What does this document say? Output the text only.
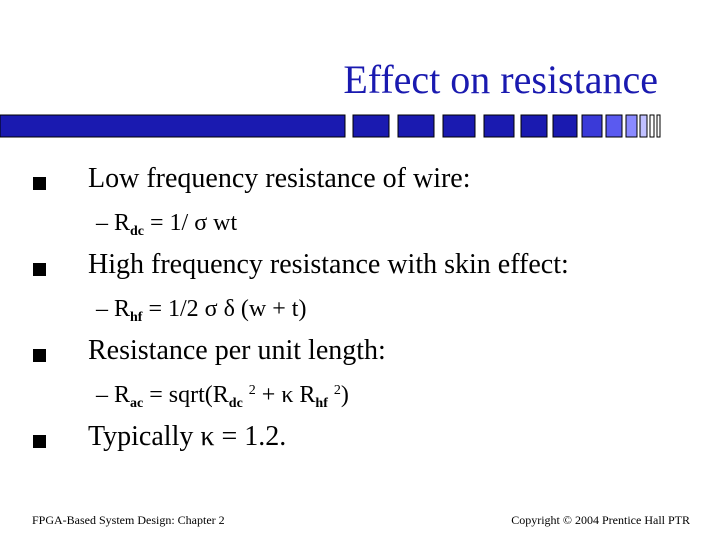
Effect on resistance
Low frequency resistance of wire:
– $R_{dc} = 1/$ σ wt
High frequency resistance with skin effect:
– $R_{hf} = 1/2$ σ δ (w + t)
Resistance per unit length:
– $R_{ac}$ = $sqrt(R_{dc}$ $^2$ + κ $R_{hf}$ $^2$)
Typically κ = 1.2.
FPGA-Based System Design: Chapter 2	Copyright © 2004 Prentice Hall PTR
